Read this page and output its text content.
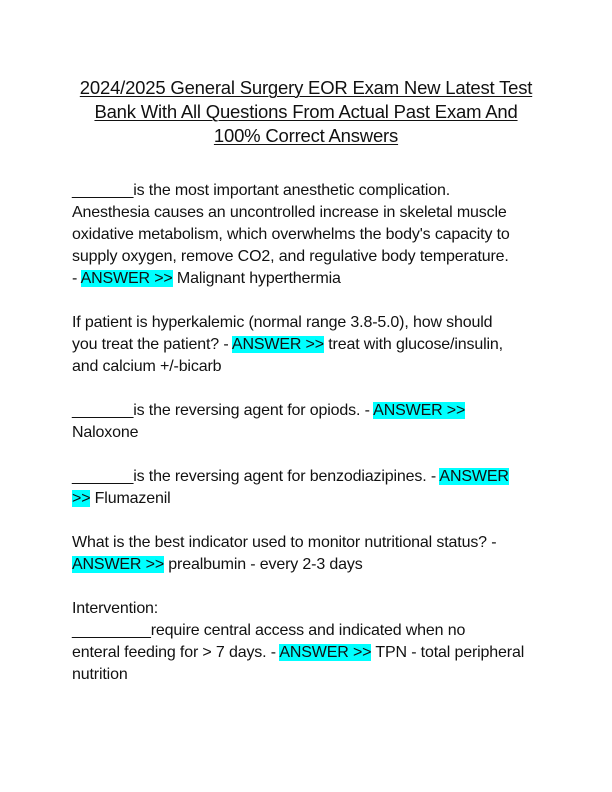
2024/2025 General Surgery EOR Exam New Latest Test
Bank With All Questions From Actual Past Exam And
100% Correct Answers
_______is the most important anesthetic complication.
Anesthesia causes an uncontrolled increase in skeletal muscle
oxidative metabolism, which overwhelms the body's capacity to
supply oxygen, remove CO2, and regulative body temperature.
- ANSWER >> Malignant hyperthermia
If patient is hyperkalemic (normal range 3.8-5.0), how should
you treat the patient? - ANSWER >> treat with glucose/insulin,
and calcium +/-bicarb
_______is the reversing agent for opiods. - ANSWER >>
Naloxone
_______is the reversing agent for benzodiazipines. - ANSWER
>> Flumazenil
What is the best indicator used to monitor nutritional status? -
ANSWER >> prealbumin - every 2-3 days
Intervention:
_________require central access and indicated when no
enteral feeding for > 7 days. - ANSWER >> TPN - total peripheral
nutrition
